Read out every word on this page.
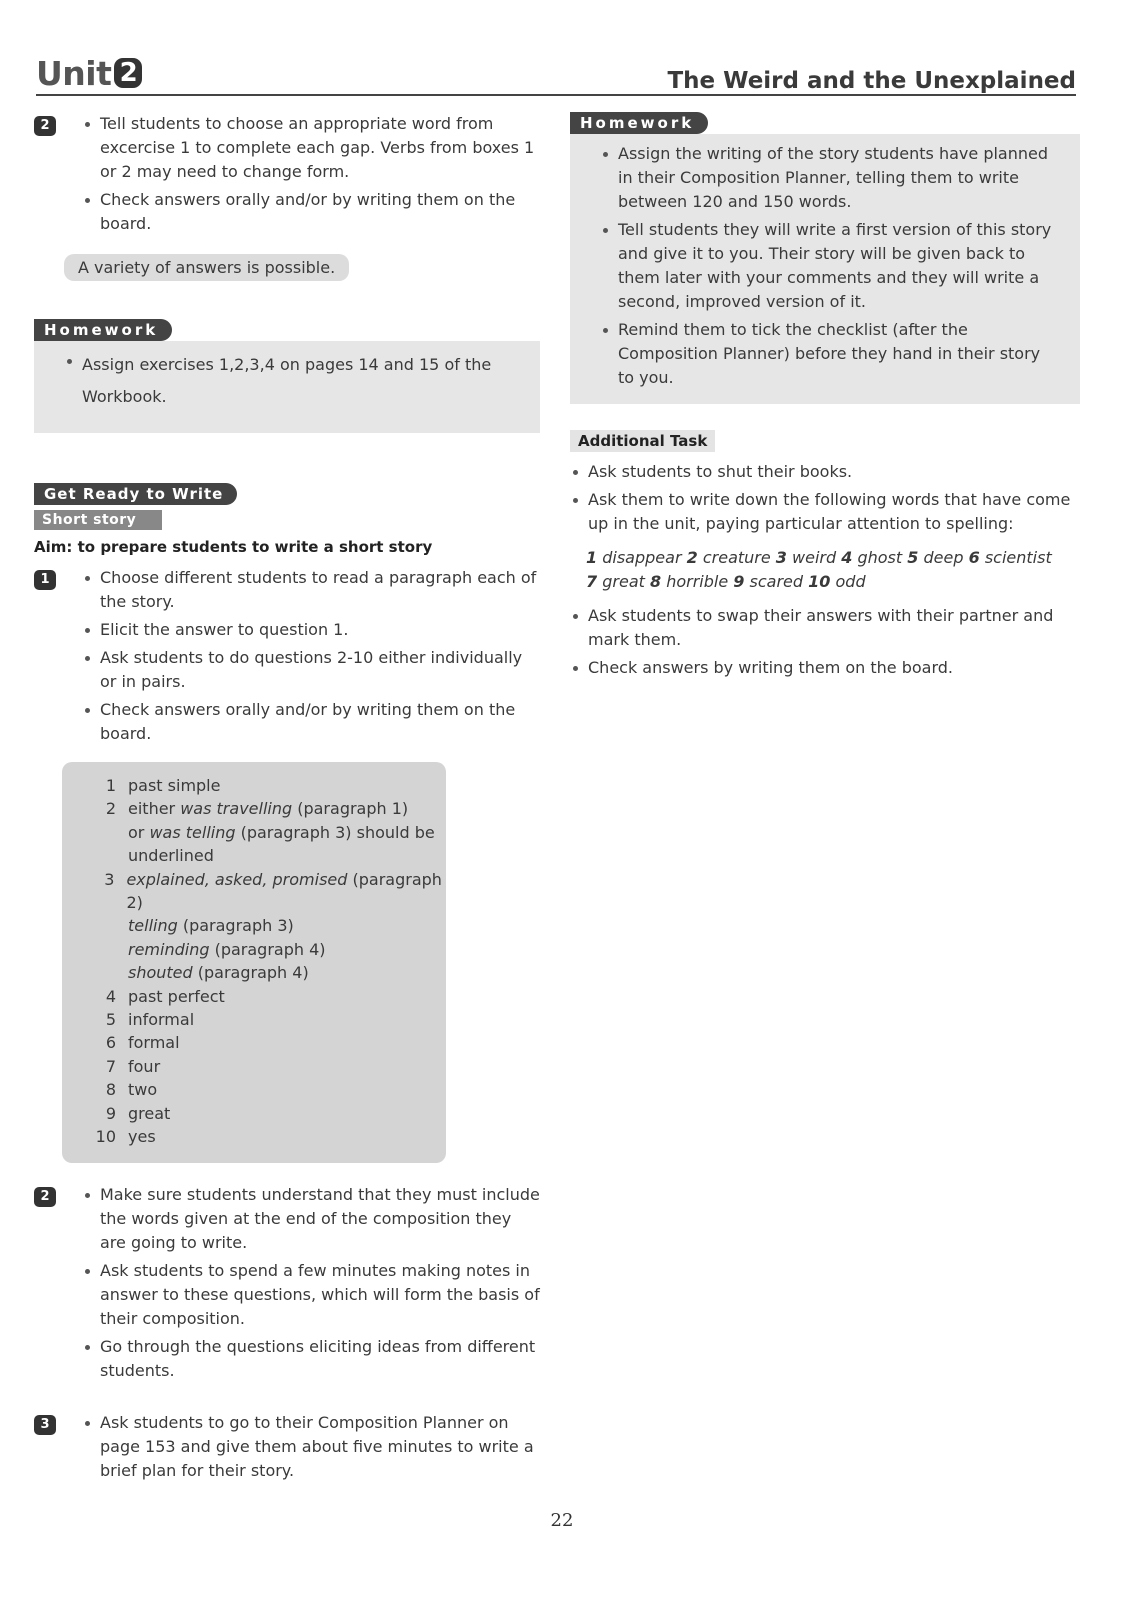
Unit 2	The Weird and the Unexplained
2	Tell students to choose an appropriate word from excercise 1 to complete each gap. Verbs from boxes 1 or 2 may need to change form.
Check answers orally and/or by writing them on the board.
A variety of answers is possible.
Homework
Assign exercises 1,2,3,4 on pages 14 and 15 of the Workbook.
Get Ready to Write
Short story
Aim: to prepare students to write a short story
1	Choose different students to read a paragraph each of the story.
Elicit the answer to question 1.
Ask students to do questions 2-10 either individually or in pairs.
Check answers orally and/or by writing them on the board.
1 past simple
2 either was travelling (paragraph 1)
or was telling (paragraph 3) should be
underlined
3 explained, asked, promised (paragraph 2)
telling (paragraph 3)
reminding (paragraph 4)
shouted (paragraph 4)
4 past perfect
5 informal
6 formal
7 four
8 two
9 great
10 yes
2	Make sure students understand that they must include the words given at the end of the composition they are going to write.
Ask students to spend a few minutes making notes in answer to these questions, which will form the basis of their composition.
Go through the questions eliciting ideas from different students.
3	Ask students to go to their Composition Planner on page 153 and give them about five minutes to write a brief plan for their story.
Homework
Assign the writing of the story students have planned in their Composition Planner, telling them to write between 120 and 150 words.
Tell students they will write a first version of this story and give it to you. Their story will be given back to them later with your comments and they will write a second, improved version of it.
Remind them to tick the checklist (after the Composition Planner) before they hand in their story to you.
Additional Task
Ask students to shut their books.
Ask them to write down the following words that have come up in the unit, paying particular attention to spelling:
1 disappear 2 creature 3 weird 4 ghost 5 deep 6 scientist
7 great 8 horrible 9 scared 10 odd
Ask students to swap their answers with their partner and mark them.
Check answers by writing them on the board.
22
